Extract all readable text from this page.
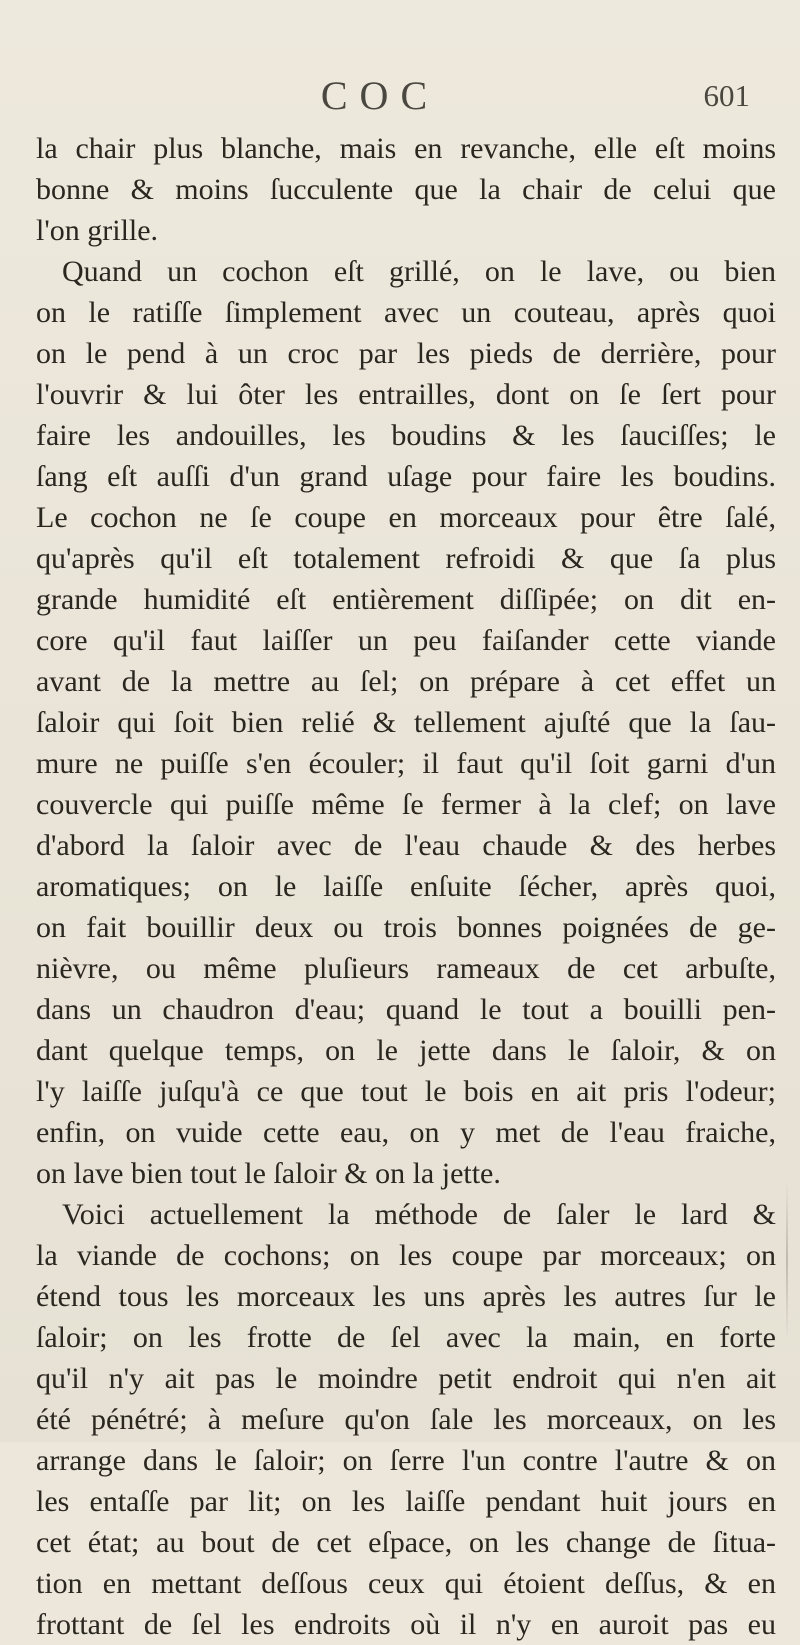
COC	601
la chair plus blanche, mais en revanche, elle eſt moins
bonne & moins ſucculente que la chair de celui que
l'on grille.
Quand un cochon eſt grillé, on le lave, ou bien
on le ratiſſe ſimplement avec un couteau, après quoi
on le pend à un croc par les pieds de derrière, pour
l'ouvrir & lui ôter les entrailles, dont on ſe ſert pour
faire les andouilles, les boudins & les ſauciſſes; le
ſang eſt auſſi d'un grand uſage pour faire les boudins.
Le cochon ne ſe coupe en morceaux pour être ſalé,
qu'après qu'il eſt totalement refroidi & que ſa plus
grande humidité eſt entièrement diſſipée; on dit en-
core qu'il faut laiſſer un peu faiſander cette viande
avant de la mettre au ſel; on prépare à cet effet un
ſaloir qui ſoit bien relié & tellement ajuſté que la ſau-
mure ne puiſſe s'en écouler; il faut qu'il ſoit garni d'un
couvercle qui puiſſe même ſe fermer à la clef; on lave
d'abord la ſaloir avec de l'eau chaude & des herbes
aromatiques; on le laiſſe enſuite ſécher, après quoi,
on fait bouillir deux ou trois bonnes poignées de ge-
nièvre, ou même pluſieurs rameaux de cet arbuſte,
dans un chaudron d'eau; quand le tout a bouilli pen-
dant quelque temps, on le jette dans le ſaloir, & on
l'y laiſſe juſqu'à ce que tout le bois en ait pris l'odeur;
enfin, on vuide cette eau, on y met de l'eau fraiche,
on lave bien tout le ſaloir & on la jette.
Voici actuellement la méthode de ſaler le lard &
la viande de cochons; on les coupe par morceaux; on
étend tous les morceaux les uns après les autres ſur le
ſaloir; on les frotte de ſel avec la main, en forte
qu'il n'y ait pas le moindre petit endroit qui n'en ait
été pénétré; à meſure qu'on ſale les morceaux, on les
arrange dans le ſaloir; on ſerre l'un contre l'autre & on
les entaſſe par lit; on les laiſſe pendant huit jours en
cet état; au bout de cet eſpace, on les change de ſitua-
tion en mettant deſſous ceux qui étoient deſſus, & en
frottant de ſel les endroits où il n'y en auroit pas eu
